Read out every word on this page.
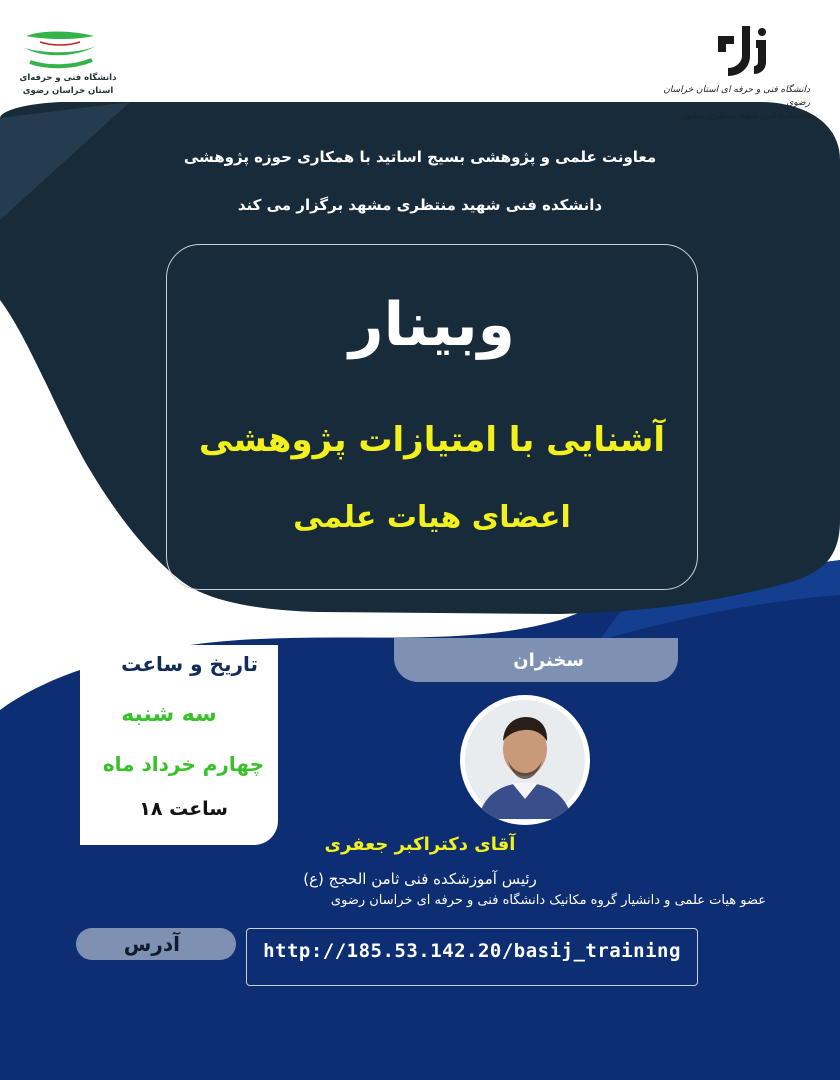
دانشگاه فنی و حرفه‌ای
استان خراسان رضوی	دانشگاه فنی و حرفه ای استان خراسان رضوی
دانشکده فنی شهید منتظری مشهد
معاونت علمی و پژوهشی بسیج اساتید با همکاری حوزه پژوهشی
دانشکده فنی شهید منتظری مشهد برگزار می کند
وبینار
آشنایی با امتیازات پژوهشی
اعضای هیات علمی
تاریخ و ساعت
سه شنبه
چهارم خرداد ماه
ساعت ۱۸
سخنران
آقای دکتراکبر جعفری
رئیس آموزشکده فنی ثامن الحجج (ع)
عضو هیات علمی و دانشیار گروه مکانیک دانشگاه فنی و حرفه ای خراسان رضوی
آدرس	http://185.53.142.20/basij_training
